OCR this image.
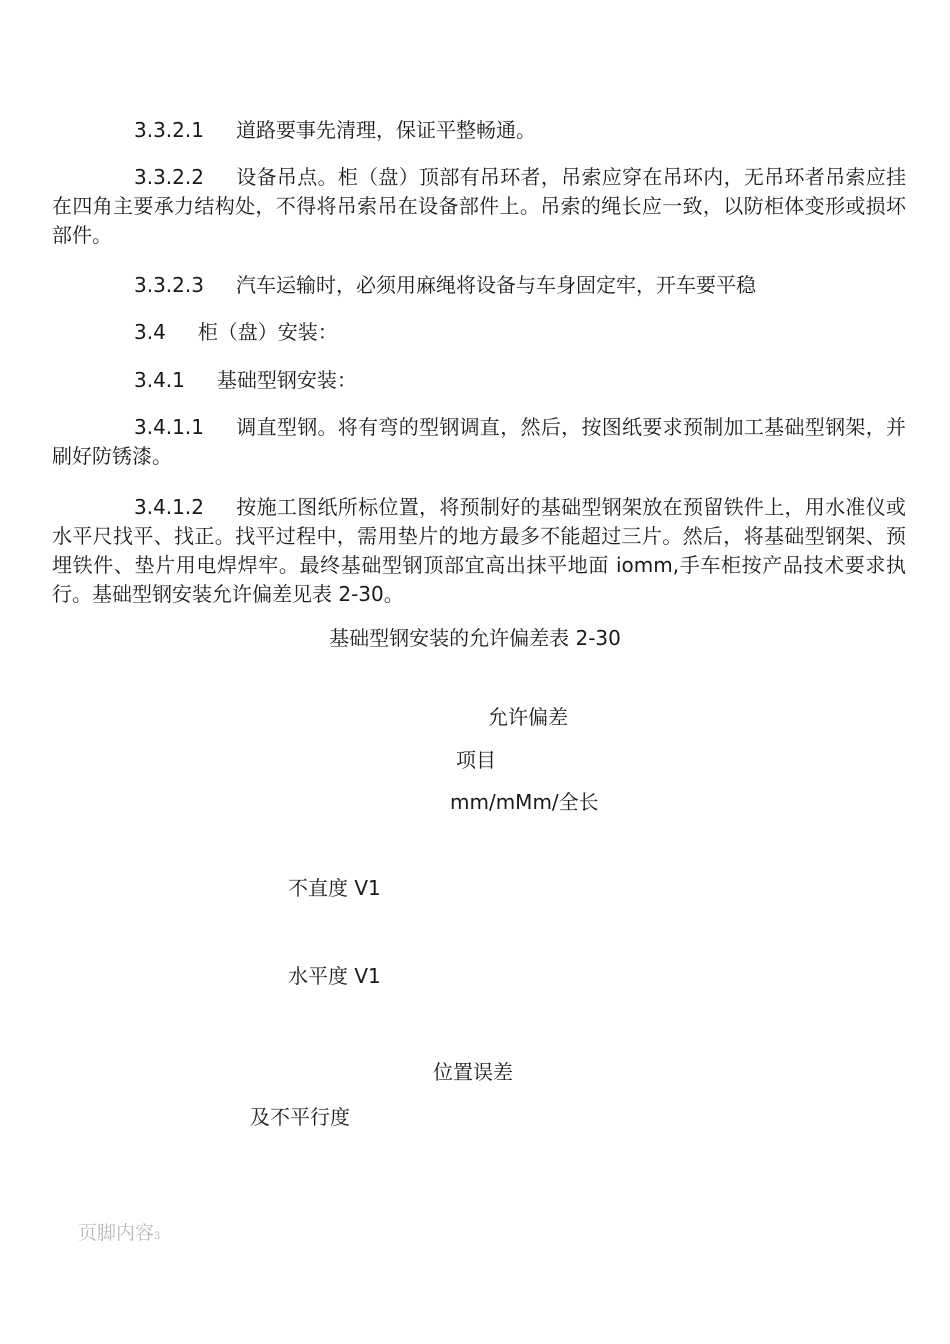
3.3.2.1 道路要事先清理，保证平整畅通。
3.3.2.2 设备吊点。柜（盘）顶部有吊环者，吊索应穿在吊环内，无吊环者吊索应挂在四角主要承力结构处，不得将吊索吊在设备部件上。吊索的绳长应一致，以防柜体变形或损坏部件。
3.3.2.3 汽车运输时，必须用麻绳将设备与车身固定牢，开车要平稳
3.4 柜（盘）安装：
3.4.1 基础型钢安装：
3.4.1.1 调直型钢。将有弯的型钢调直，然后，按图纸要求预制加工基础型钢架，并刷好防锈漆。
3.4.1.2 按施工图纸所标位置，将预制好的基础型钢架放在预留铁件上，用水准仪或水平尺找平、找正。找平过程中，需用垫片的地方最多不能超过三片。然后，将基础型钢架、预埋铁件、垫片用电焊焊牢。最终基础型钢顶部宜高出抹平地面 iomm,手车柜按产品技术要求执行。基础型钢安装允许偏差见表 2-30。
基础型钢安装的允许偏差表 2-30
允许偏差
项目
mm/mMm/全长
不直度 V1
水平度 V1
位置误差
及不平行度
页脚内容3
